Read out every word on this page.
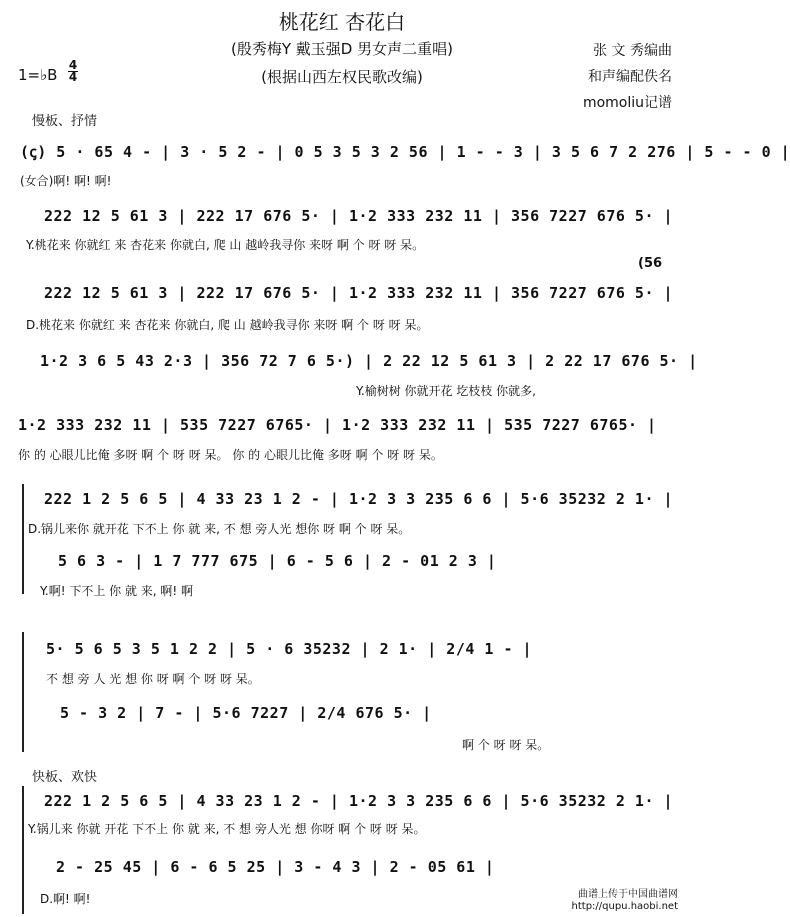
桃花红 杏花白
(殷秀梅Y 戴玉强D 男女声二重唱)
(根据山西左权民歌改编)
1=♭B
4
4
张 文 秀编曲
和声编配佚名
momoliu记谱
慢板、抒情
快板、欢快
(ꞔ) 5 · 65 4 - | 3 · 5 2 - | 0 5 3 5 3 2 56 | 1 - - 3 | 3 5 6 7 2 276 | 5 - - 0 |
(女合)啊! 啊! 啊!
222 12 5 61 3 | 222 17 676 5· | 1·2 333 232 11 | 356 7227 676 5· |
Y.桃花来 你就红 来 杏花来 你就白, 爬 山 越岭我寻你 来呀 啊 个 呀 呀 呆。
(56
222 12 5 61 3 | 222 17 676 5· | 1·2 333 232 11 | 356 7227 676 5· |
D.桃花来 你就红 来 杏花来 你就白, 爬 山 越岭我寻你 来呀 啊 个 呀 呀 呆。
1·2 3 6 5 43 2·3 | 356 72 7 6 5·) | 2 22 12 5 61 3 | 2 22 17 676 5· |
Y.榆树树 你就开花 圪枝枝 你就多,
1·2 333 232 11 | 535 7227 6765· | 1·2 333 232 11 | 535 7227 6765· |
你 的 心眼儿比俺 多呀 啊 个 呀 呀 呆。 你 的 心眼儿比俺 多呀 啊 个 呀 呀 呆。
222 1 2 5 6 5 | 4 33 23 1 2 - | 1·2 3 3 235 6 6 | 5·6 35232 2 1· |
D.锅儿来你 就开花 下不上 你 就 来, 不 想 旁人光 想你 呀 啊 个 呀 呆。
5 6 3 - | 1 7 777 675 | 6 - 5 6 | 2 - 01 2 3 |
Y.啊! 下不上 你 就 来, 啊! 啊
5· 5 6 5 3 5 1 2 2 | 5 · 6 35232 | 2 1· | 2/4 1 - |
不 想 旁 人 光 想 你 呀 啊 个 呀 呀 呆。
5 - 3 2 | 7 - | 5·6 7227 | 2/4 676 5· |
啊 个 呀 呀 呆。
222 1 2 5 6 5 | 4 33 23 1 2 - | 1·2 3 3 235 6 6 | 5·6 35232 2 1· |
Y.锅儿来 你就 开花 下不上 你 就 来, 不 想 旁人光 想 你呀 啊 个 呀 呀 呆。
2 - 25 45 | 6 - 6 5 25 | 3 - 4 3 | 2 - 05 61 |
D.啊! 啊!	曲谱上传于中国曲谱网
http://qupu.haobi.net
